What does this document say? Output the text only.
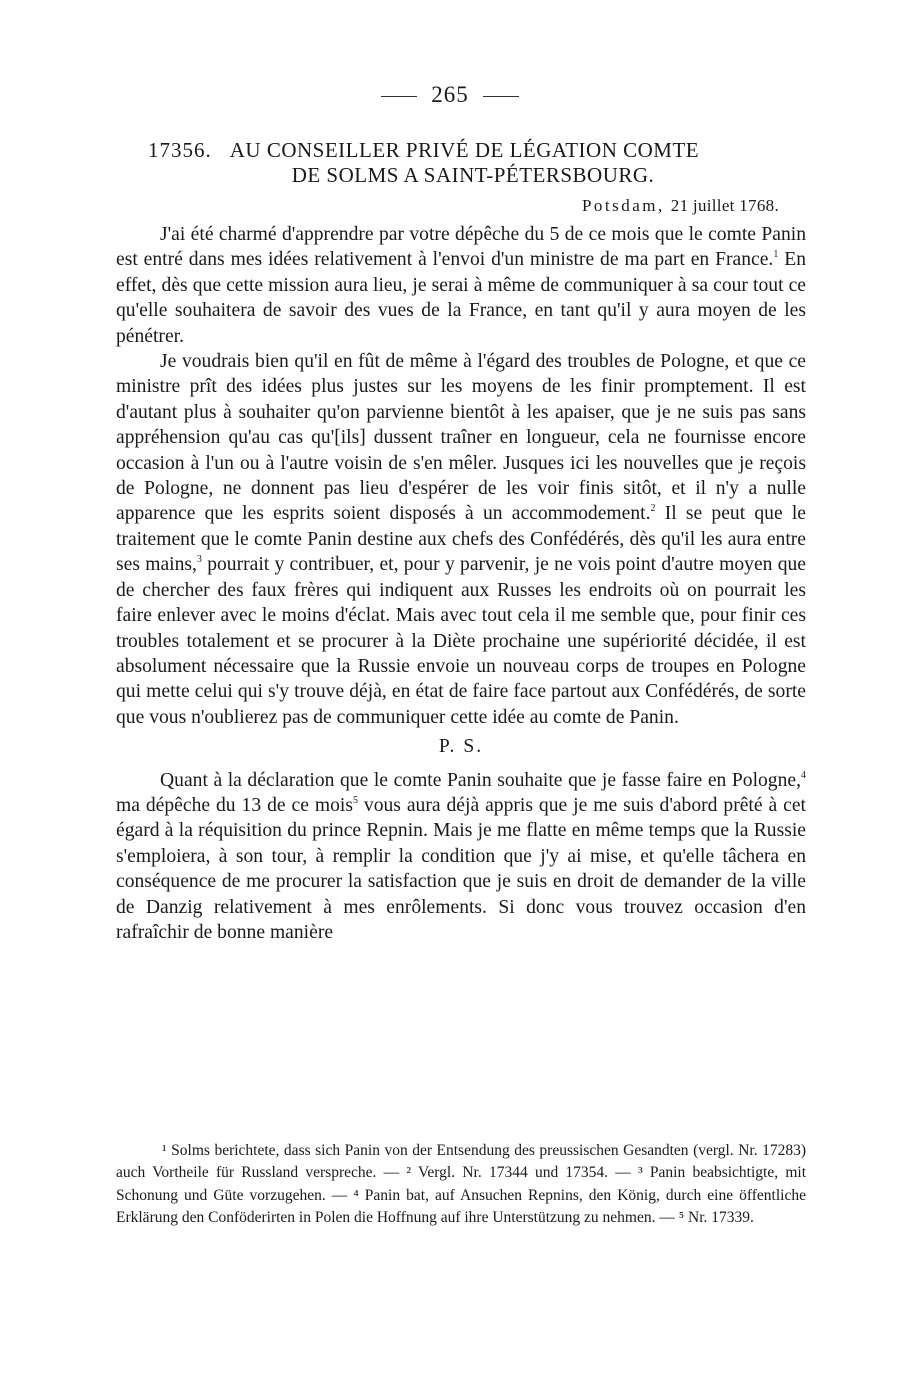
265
17356. AU CONSEILLER PRIVÉ DE LÉGATION COMTE
DE SOLMS A SAINT-PÉTERSBOURG.
Potsdam, 21 juillet 1768.

J'ai été charmé d'apprendre par votre dépêche du 5 de ce mois que le comte Panin est entré dans mes idées relativement à l'envoi d'un ministre de ma part en France.$^1$ En effet, dès que cette mission aura lieu, je serai à même de communiquer à sa cour tout ce qu'elle souhaitera de savoir des vues de la France, en tant qu'il y aura moyen de les pénétrer.

Je voudrais bien qu'il en fût de même à l'égard des troubles de Pologne, et que ce ministre prît des idées plus justes sur les moyens de les finir promptement. Il est d'autant plus à souhaiter qu'on parvienne bientôt à les apaiser, que je ne suis pas sans appréhension qu'au cas qu'[ils] dussent traîner en longueur, cela ne fournisse encore occasion à l'un ou à l'autre voisin de s'en mêler. Jusques ici les nouvelles que je reçois de Pologne, ne donnent pas lieu d'espérer de les voir finis sitôt, et il n'y a nulle apparence que les esprits soient disposés à un accommodement.$^2$ Il se peut que le traitement que le comte Panin destine aux chefs des Confédérés, dès qu'il les aura entre ses mains,$^3$ pourrait y contribuer, et, pour y parvenir, je ne vois point d'autre moyen que de chercher des faux frères qui indiquent aux Russes les endroits où on pourrait les faire enlever avec le moins d'éclat. Mais avec tout cela il me semble que, pour finir ces troubles totalement et se procurer à la Diète prochaine une supériorité décidée, il est absolument nécessaire que la Russie envoie un nouveau corps de troupes en Pologne qui mette celui qui s'y trouve déjà, en état de faire face partout aux Confédérés, de sorte que vous n'oublierez pas de communiquer cette idée au comte de Panin.

P. S.

Quant à la déclaration que le comte Panin souhaite que je fasse faire en Pologne,$^4$ ma dépêche du 13 de ce mois$^5$ vous aura déjà appris que je me suis d'abord prêté à cet égard à la réquisition du prince Repnin. Mais je me flatte en même temps que la Russie s'emploiera, à son tour, à remplir la condition que j'y ai mise, et qu'elle tâchera en conséquence de me procurer la satisfaction que je suis en droit de demander de la ville de Danzig relativement à mes enrôlements. Si donc vous trouvez occasion d'en rafraîchir de bonne manière

¹ Solms berichtete, dass sich Panin von der Entsendung des preussischen Gesandten (vergl. Nr. 17283) auch Vortheile für Russland verspreche. — ² Vergl. Nr. 17344 und 17354. — ³ Panin beabsichtigte, mit Schonung und Güte vorzugehen. — ⁴ Panin bat, auf Ansuchen Repnins, den König, durch eine öffentliche Erklärung den Conföderirten in Polen die Hoffnung auf ihre Unterstützung zu nehmen. — ⁵ Nr. 17339.
